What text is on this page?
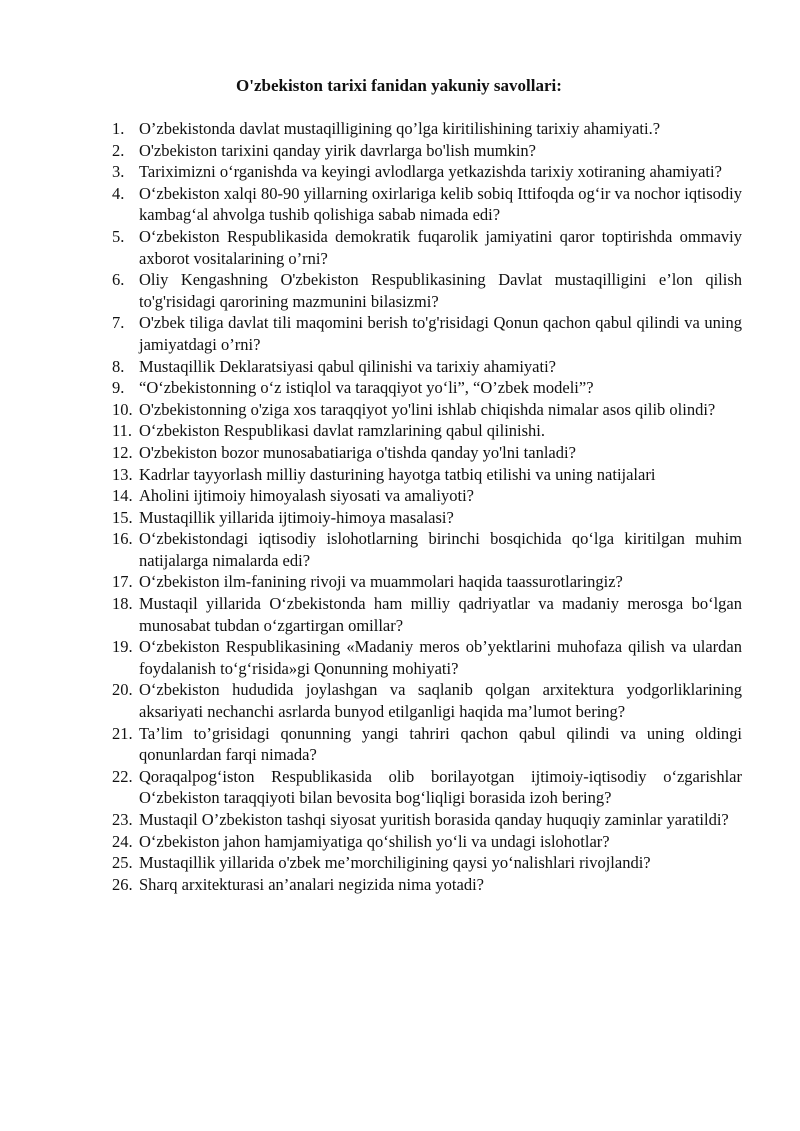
O'zbekiston tarixi fanidan yakuniy savollari:
1. O’zbekistonda davlat mustaqilligining qo’lga kiritilishining tarixiy ahamiyati.?
2. O'zbekiston tarixini qanday yirik davrlarga bo'lish mumkin?
3. Tariximizni o‘rganishda va keyingi avlodlarga yetkazishda tarixiy xotiraning ahamiyati?
4. O‘zbekiston xalqi 80-90 yillarning oxirlariga kelib sobiq Ittifoqda og‘ir va nochor iqtisodiy kambag‘al ahvolga tushib qolishiga sabab nimada edi?
5. O‘zbekiston Respublikasida demokratik fuqarolik jamiyatini qaror toptirishda ommaviy axborot vositalarining o’rni?
6. Oliy Kengashning O'zbekiston Respublikasining Davlat mustaqilligini e’lon qilish to'g'risidagi qarorining mazmunini bilasizmi?
7. O'zbek tiliga davlat tili maqomini berish to'g'risidagi Qonun qachon qabul qilindi va uning jamiyatdagi o’rni?
8. Mustaqillik Deklaratsiyasi qabul qilinishi va tarixiy ahamiyati?
9. “O‘zbekistonning o‘z istiqlol va taraqqiyot yo‘li”, “O’zbek modeli”?
10. O'zbekistonning o'ziga xos taraqqiyot yo'lini ishlab chiqishda nimalar asos qilib olindi?
11. O‘zbekiston Respublikasi davlat ramzlarining qabul qilinishi.
12. O'zbekiston bozor munosabatiariga o'tishda qanday yo'lni tanladi?
13. Kadrlar tayyorlash milliy dasturining hayotga tatbiq etilishi va uning natijalari
14. Aholini ijtimoiy himoyalash siyosati va amaliyoti?
15. Mustaqillik yillarida ijtimoiy-himoya masalasi?
16. O‘zbekistondagi iqtisodiy islohotlarning birinchi bosqichida qo‘lga kiritilgan muhim natijalarga nimalarda edi?
17. O‘zbekiston ilm-fanining rivoji va muammolari haqida taassurotlaringiz?
18. Mustaqil yillarida O‘zbekistonda ham milliy qadriyatlar va madaniy merosga bo‘lgan munosabat tubdan o‘zgartirgan omillar?
19. O‘zbekiston Respublikasining «Madaniy meros ob’yektlarini muhofaza qilish va ulardan foydalanish to‘g‘risida»gi Qonunning mohiyati?
20. O‘zbekiston hududida joylashgan va saqlanib qolgan arxitektura yodgorliklarining aksariyati nechanchi asrlarda bunyod etilganligi haqida ma’lumot bering?
21. Ta’lim to’grisidagi qonunning yangi tahriri qachon qabul qilindi va uning oldingi qonunlardan farqi nimada?
22. Qoraqalpog‘iston Respublikasida olib borilayotgan ijtimoiy-iqtisodiy o‘zgarishlar O‘zbekiston taraqqiyoti bilan bevosita bog‘liqligi borasida izoh bering?
23. Mustaqil O’zbekiston tashqi siyosat yuritish borasida qanday huquqiy zaminlar yaratildi?
24. O‘zbekiston jahon hamjamiyatiga qo‘shilish yo‘li va undagi islohotlar?
25. Mustaqillik yillarida o'zbek me’morchiligining qaysi yo‘nalishlari rivojlandi?
26. Sharq arxitekturasi an’analari negizida nima yotadi?
